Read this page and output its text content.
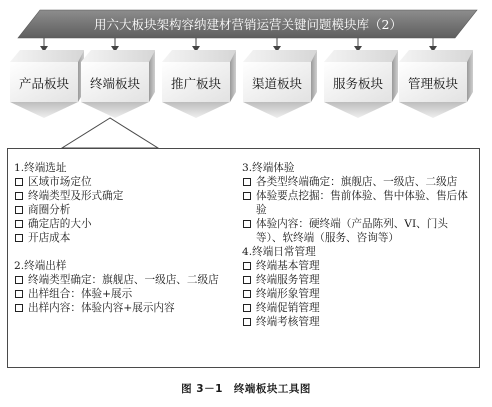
用六大板块架构容纳建材营销运营关键问题模块库（2）
产品板块 终端板块 推广板块 渠道板块 服务板块 管理板块
1.终端选址
区域市场定位
终端类型及形式确定
商圈分析
确定店的大小
开店成本
2.终端出样
终端类型确定：旗舰店、一级店、二级店
出样组合：体验+展示
出样内容：体验内容+展示内容
3.终端体验
各类型终端确定：旗舰店、一级店、二级店
体验要点挖掘：售前体验、售中体验、售后体验
体验内容：硬终端（产品陈列、VI、门头等）、软终端（服务、咨询等）
4.终端日常管理
终端基本管理
终端服务管理
终端形象管理
终端促销管理
终端考核管理
图 3－1　终端板块工具图
